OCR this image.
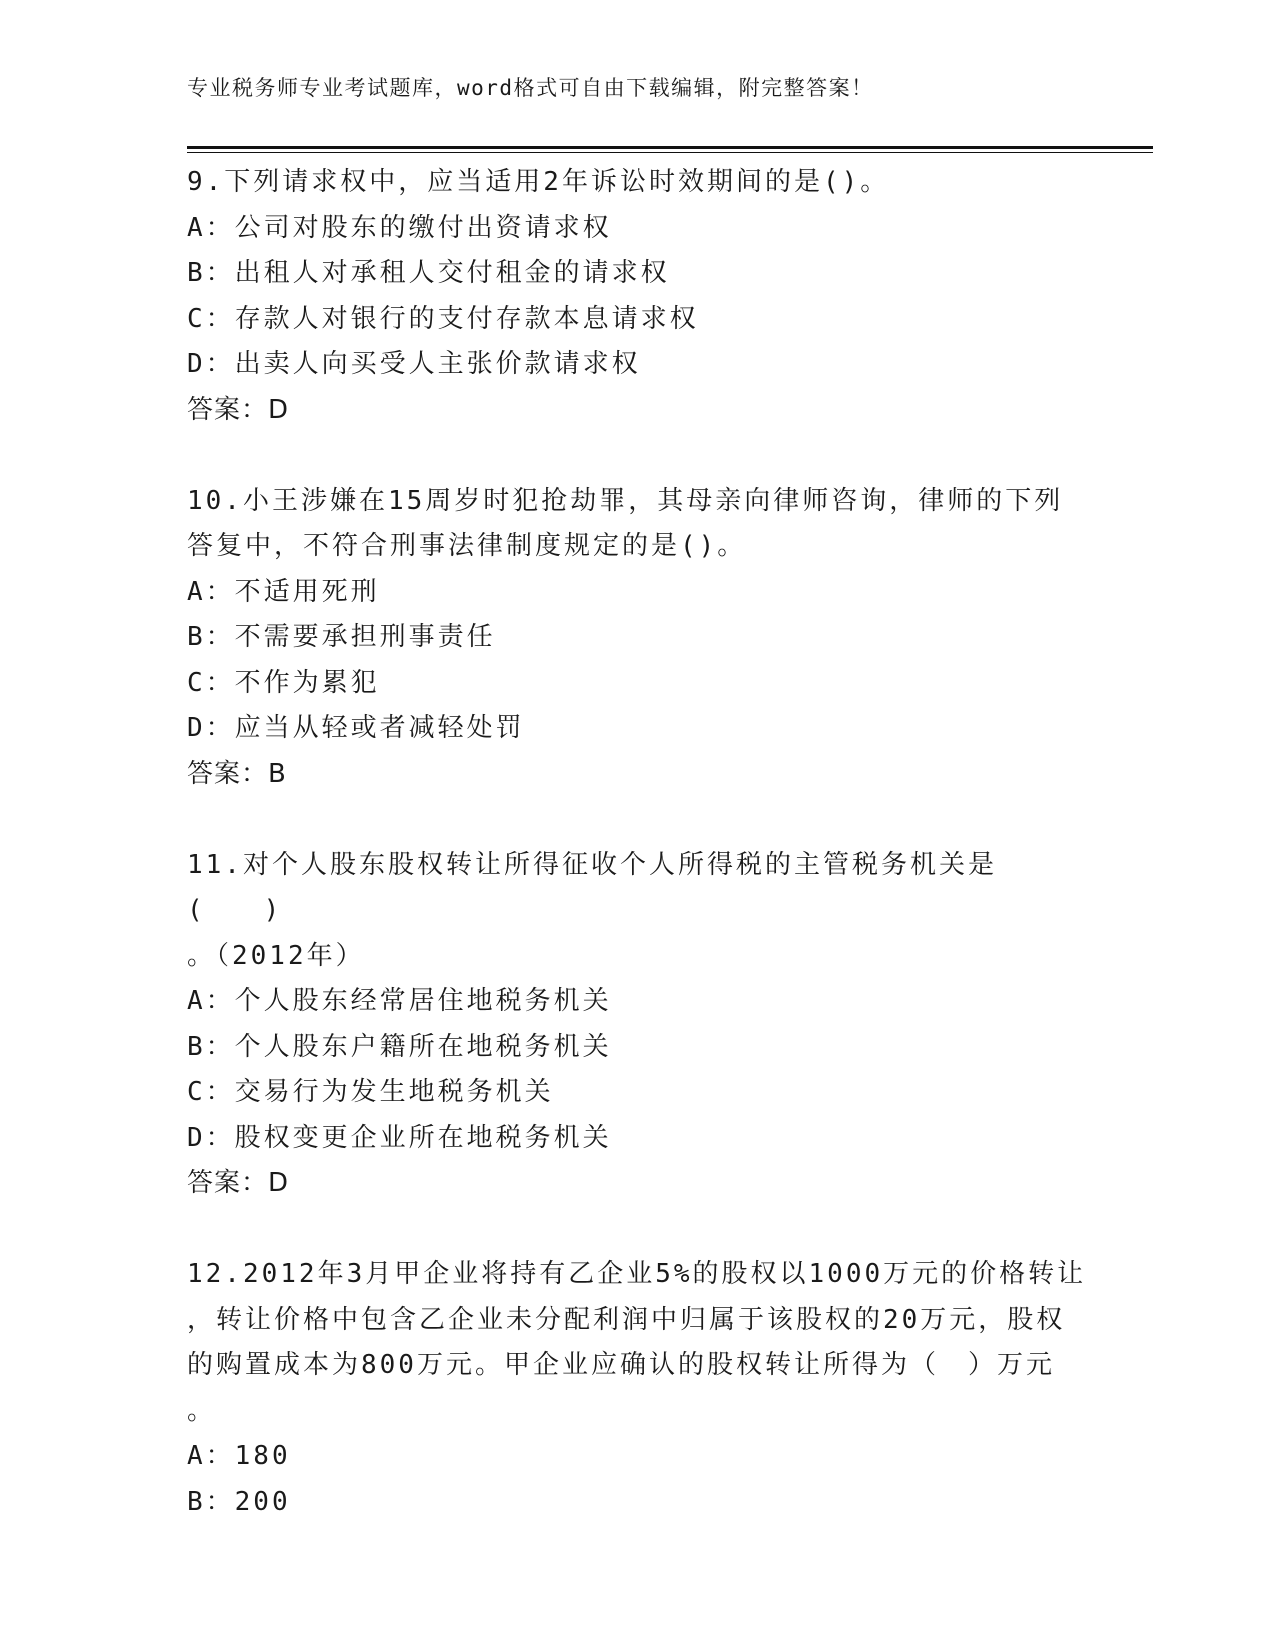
专业税务师专业考试题库，word格式可自由下载编辑，附完整答案！

9.下列请求权中，应当适用2年诉讼时效期间的是()。

A：公司对股东的缴付出资请求权

B：出租人对承租人交付租金的请求权

C：存款人对银行的支付存款本息请求权

D：出卖人向买受人主张价款请求权

答案：D

10.小王涉嫌在15周岁时犯抢劫罪，其母亲向律师咨询，律师的下列

答复中，不符合刑事法律制度规定的是()。

A：不适用死刑

B：不需要承担刑事责任

C：不作为累犯

D：应当从轻或者减轻处罚

答案：B

11.对个人股东股权转让所得征收个人所得税的主管税务机关是(　　)

。（2012年）

A：个人股东经常居住地税务机关

B：个人股东户籍所在地税务机关

C：交易行为发生地税务机关

D：股权变更企业所在地税务机关

答案：D

12.2012年3月甲企业将持有乙企业5%的股权以1000万元的价格转让

，转让价格中包含乙企业未分配利润中归属于该股权的20万元，股权

的购置成本为800万元。甲企业应确认的股权转让所得为（　）万元

。

A：180

B：200
